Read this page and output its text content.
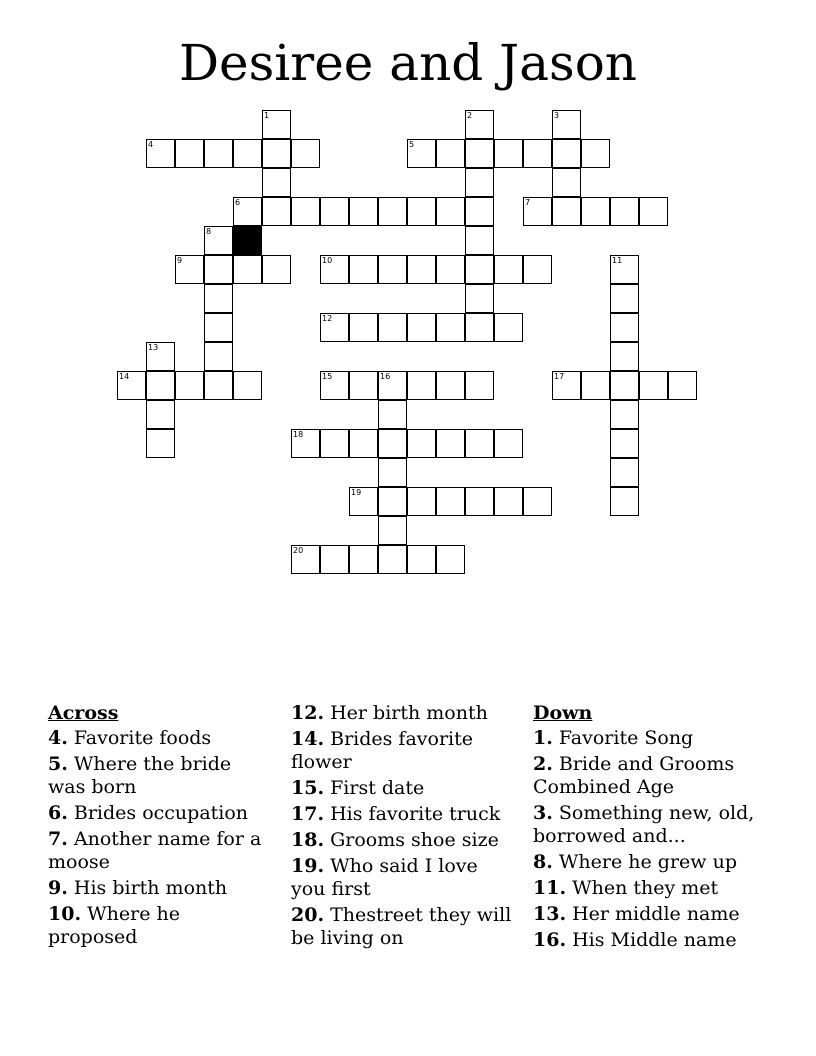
Desiree and Jason
1	2	3
4	5
6	7
8
9	10	11
12
13
14	15	16	17
18
19
20
Across
4. Favorite foods
5. Where the bride was born
6. Brides occupation
7. Another name for a moose
9. His birth month
10. Where he proposed
12. Her birth month
14. Brides favorite flower
15. First date
17. His favorite truck
18. Grooms shoe size
19. Who said I love you first
20. Thestreet they will be living on
Down
1. Favorite Song
2. Bride and Grooms Combined Age
3. Something new, old, borrowed and...
8. Where he grew up
11. When they met
13. Her middle name
16. His Middle name
